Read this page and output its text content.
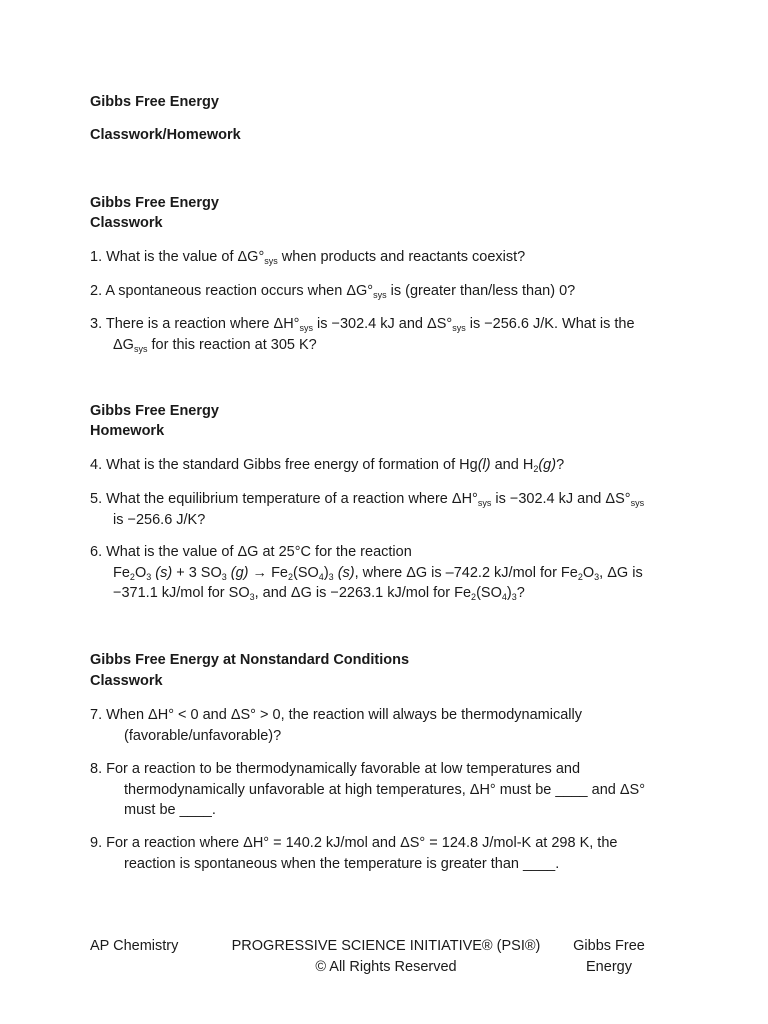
Gibbs Free Energy

Classwork/Homework

Gibbs Free Energy

Classwork

1. What is the value of $\Delta G^\circ_{sys}$ when products and reactants coexist?

2. A spontaneous reaction occurs when $\Delta G^\circ_{sys}$ is (greater than/less than) 0?

3. There is a reaction where $\Delta H^\circ_{sys}$ is −302.4 kJ and $\Delta S^\circ_{sys}$ is −256.6 J/K. What is the
$\Delta G_{sys}$ for this reaction at 305 K?

Gibbs Free Energy

Homework

4. What is the standard Gibbs free energy of formation of Hg(l) and $H_2(g)$?

5. What the equilibrium temperature of a reaction where $\Delta H^\circ_{sys}$ is −302.4 kJ and $\Delta S^\circ_{sys}$
is −256.6 J/K?

6. What is the value of ΔG at 25°C for the reaction
$Fe_2O_3$ (s) + 3 $SO_3$ $(g) \to Fe_2(SO_4)_3$ (s), where ΔG is –742.2 kJ/mol for $Fe_2O_3$, ΔG is
−371.1 kJ/mol for $SO_3$, and ΔG is −2263.1 kJ/mol for $Fe_2(SO_4)_3$?

Gibbs Free Energy at Nonstandard Conditions

Classwork

7. When ΔH° < 0 and ΔS° > 0, the reaction will always be thermodynamically
(favorable/unfavorable)?

8. For a reaction to be thermodynamically favorable at low temperatures and
thermodynamically unfavorable at high temperatures, ΔH° must be ____ and ΔS°
must be ____.

9. For a reaction where ΔH° = 140.2 kJ/mol and ΔS° = 124.8 J/mol-K at 298 K, the
reaction is spontaneous when the temperature is greater than ____.

AP Chemistry	PROGRESSIVE SCIENCE INITIATIVE® (PSI®)
© All Rights Reserved
Gibbs Free
Energy
